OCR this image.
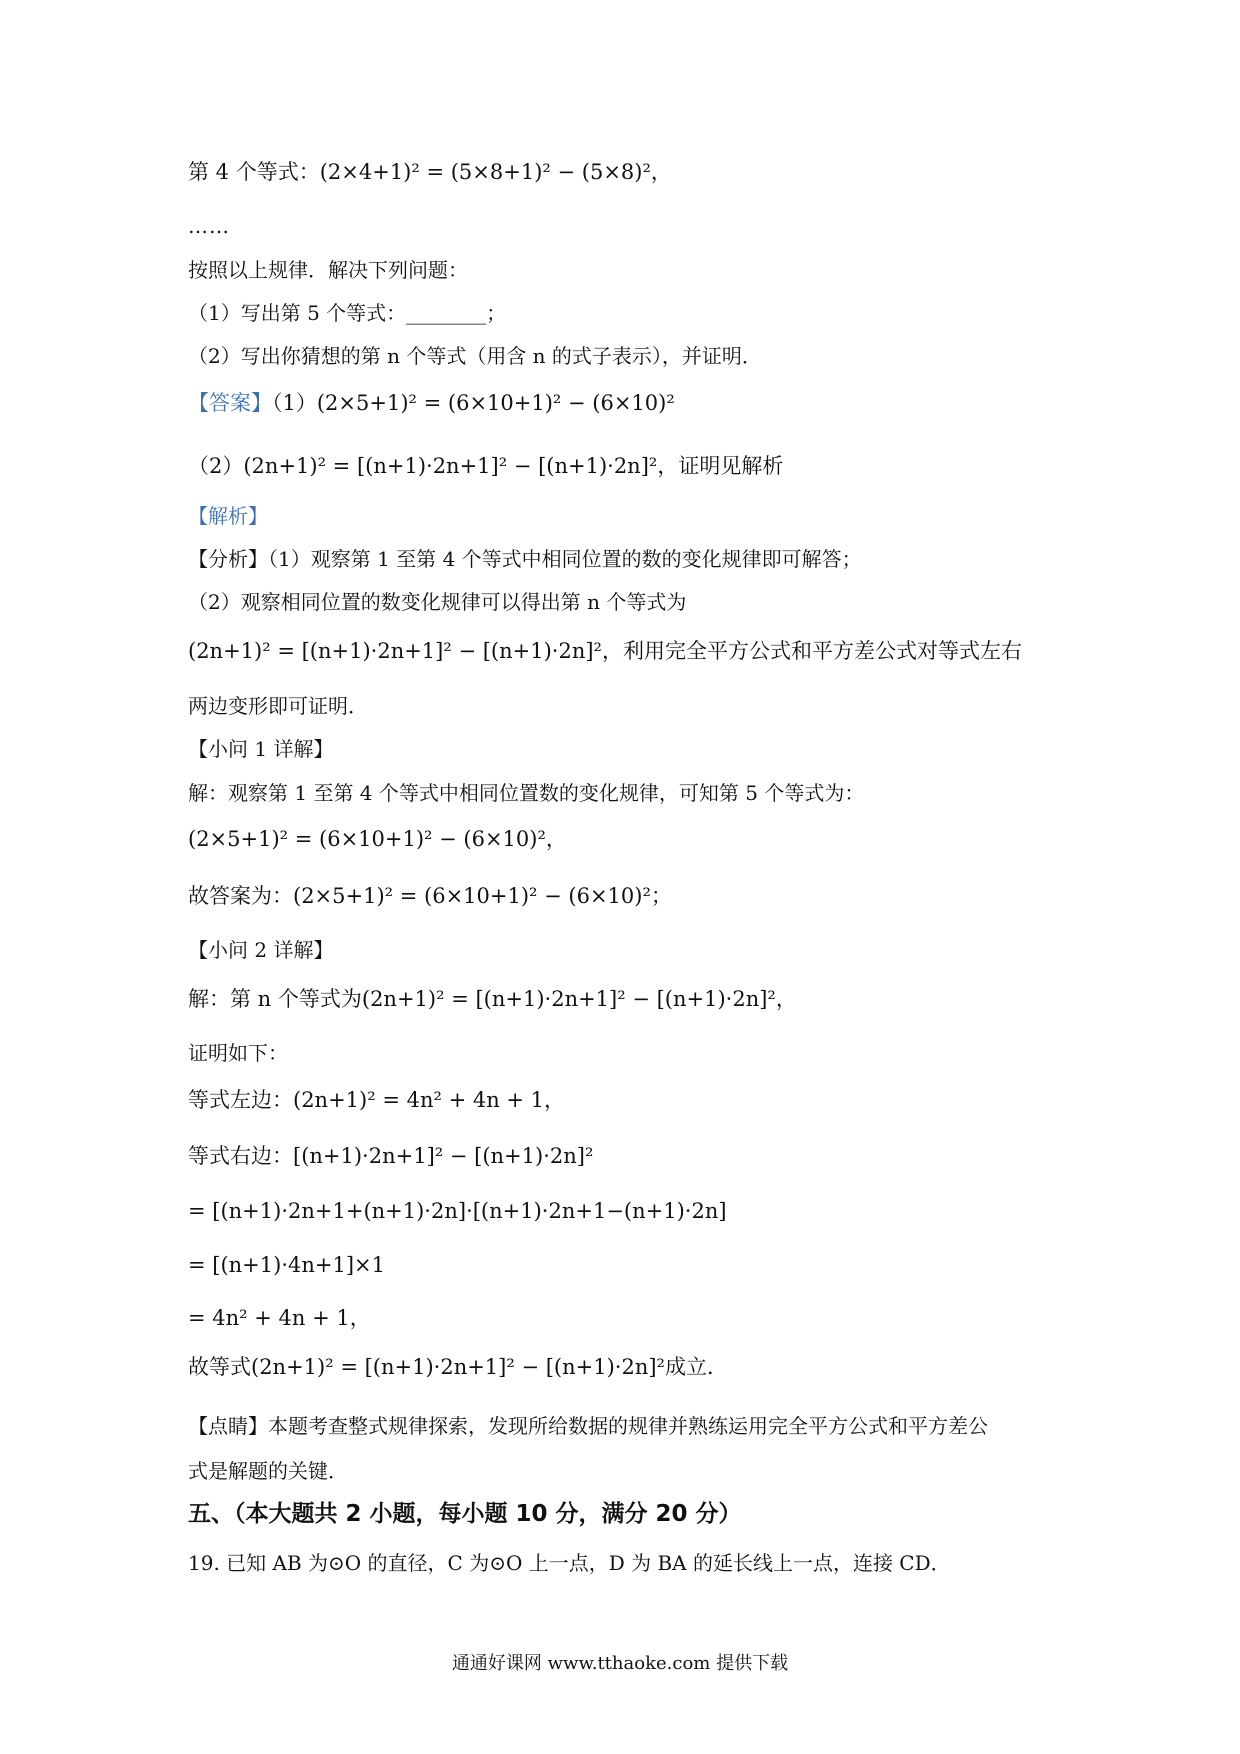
第 4 个等式：(2×4+1)² = (5×8+1)² − (5×8)²，

……

按照以上规律．解决下列问题：

（1）写出第 5 个等式：________；

（2）写出你猜想的第 n 个等式（用含 n 的式子表示），并证明．

【答案】（1）(2×5+1)² = (6×10+1)² − (6×10)²

（2）(2n+1)² = [(n+1)·2n+1]² − [(n+1)·2n]²，证明见解析

【解析】

【分析】（1）观察第 1 至第 4 个等式中相同位置的数的变化规律即可解答；

（2）观察相同位置的数变化规律可以得出第 n 个等式为

(2n+1)² = [(n+1)·2n+1]² − [(n+1)·2n]²，利用完全平方公式和平方差公式对等式左右

两边变形即可证明．

【小问 1 详解】

解：观察第 1 至第 4 个等式中相同位置数的变化规律，可知第 5 个等式为：

(2×5+1)² = (6×10+1)² − (6×10)²，

故答案为：(2×5+1)² = (6×10+1)² − (6×10)²；

【小问 2 详解】

解：第 n 个等式为(2n+1)² = [(n+1)·2n+1]² − [(n+1)·2n]²，

证明如下：

等式左边：(2n+1)² = 4n² + 4n + 1，

等式右边：[(n+1)·2n+1]² − [(n+1)·2n]²

= [(n+1)·2n+1+(n+1)·2n]·[(n+1)·2n+1−(n+1)·2n]

= [(n+1)·4n+1]×1

= 4n² + 4n + 1，

故等式(2n+1)² = [(n+1)·2n+1]² − [(n+1)·2n]²成立．

【点睛】本题考查整式规律探索，发现所给数据的规律并熟练运用完全平方公式和平方差公

式是解题的关键．

五、（本大题共 2 小题，每小题 10 分，满分 20 分）

19. 已知 AB 为⊙O 的直径，C 为⊙O 上一点，D 为 BA 的延长线上一点，连接 CD．

通通好课网 www.tthaoke.com 提供下载
